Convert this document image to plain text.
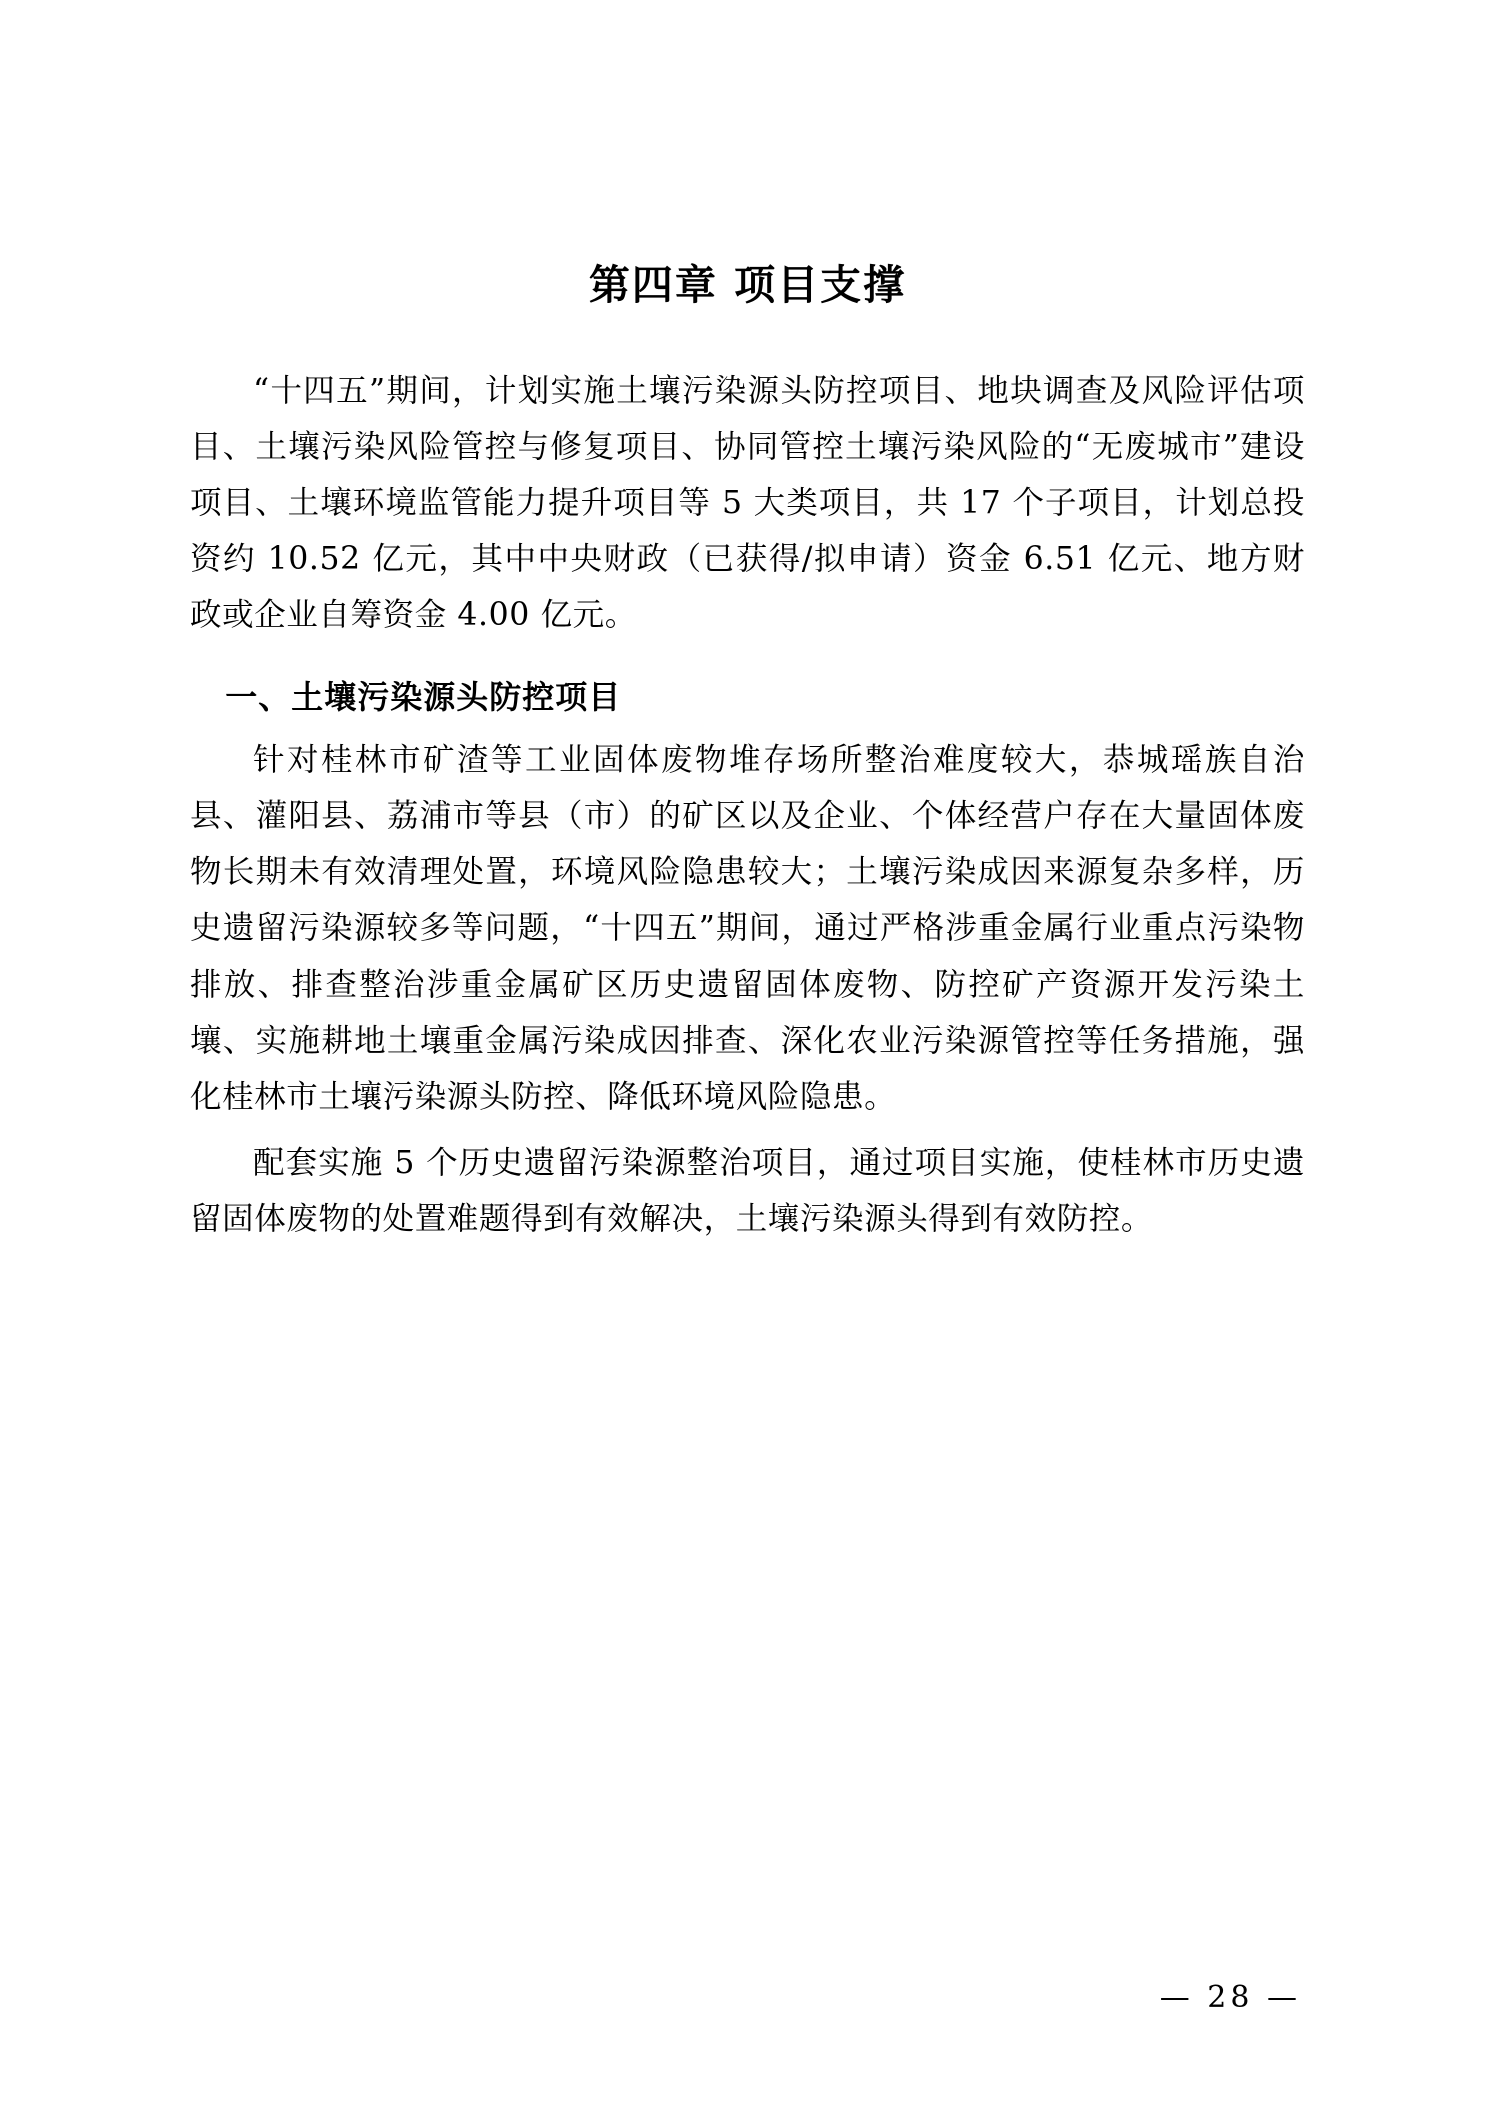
第四章 项目支撑

“十四五”期间，计划实施土壤污染源头防控项目、地块调查及风险评估项目、土壤污染风险管控与修复项目、协同管控土壤污染风险的“无废城市”建设项目、土壤环境监管能力提升项目等 5 大类项目，共 17 个子项目，计划总投资约 10.52 亿元，其中中央财政（已获得/拟申请）资金 6.51 亿元、地方财政或企业自筹资金 4.00 亿元。

一、土壤污染源头防控项目

针对桂林市矿渣等工业固体废物堆存场所整治难度较大，恭城瑶族自治县、灌阳县、荔浦市等县（市）的矿区以及企业、个体经营户存在大量固体废物长期未有效清理处置，环境风险隐患较大；土壤污染成因来源复杂多样，历史遗留污染源较多等问题，“十四五”期间，通过严格涉重金属行业重点污染物排放、排查整治涉重金属矿区历史遗留固体废物、防控矿产资源开发污染土壤、实施耕地土壤重金属污染成因排查、深化农业污染源管控等任务措施，强化桂林市土壤污染源头防控、降低环境风险隐患。

配套实施 5 个历史遗留污染源整治项目，通过项目实施，使桂林市历史遗留固体废物的处置难题得到有效解决，土壤污染源头得到有效防控。

— 28 —
